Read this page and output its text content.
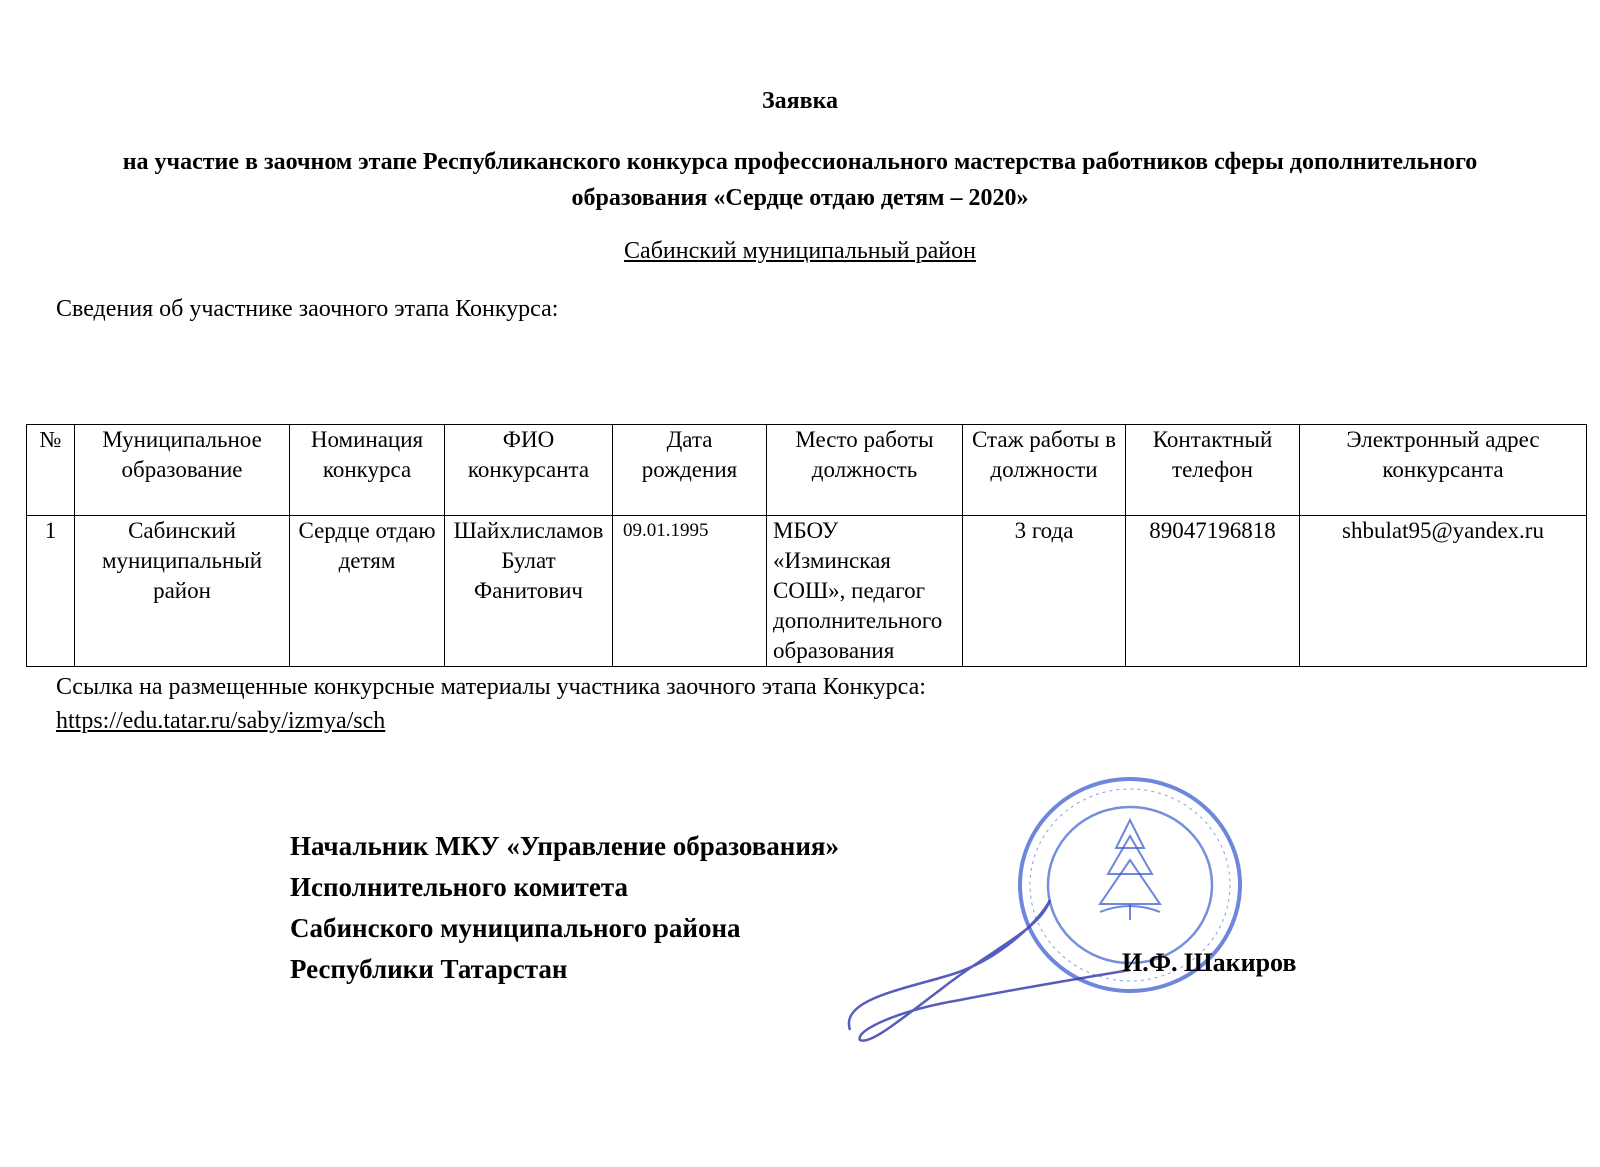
Заявка
на участие в заочном этапе Республиканского конкурса профессионального мастерства работников сферы дополнительного образования «Сердце отдаю детям – 2020»
Сабинский муниципальный район
Сведения об участнике заочного этапа Конкурса:
№	Муниципальное образование	Номинация конкурса	ФИО конкурсанта	Дата рождения	Место работы должность	Стаж работы в должности	Контактный телефон	Электронный адрес конкурсанта
1	Сабинский муниципальный район	Сердце отдаю детям	Шайхлисламов Булат Фанитович	09.01.1995	МБОУ «Изминская СОШ», педагог дополнительного образования	3 года	89047196818	shbulat95@yandex.ru
Ссылка на размещенные конкурсные материалы участника заочного этапа Конкурса: https://edu.tatar.ru/saby/izmya/sch
Начальник МКУ «Управление образования»
Исполнительного комитета
Сабинского муниципального района
Республики Татарстан	И.Ф. Шакиров
